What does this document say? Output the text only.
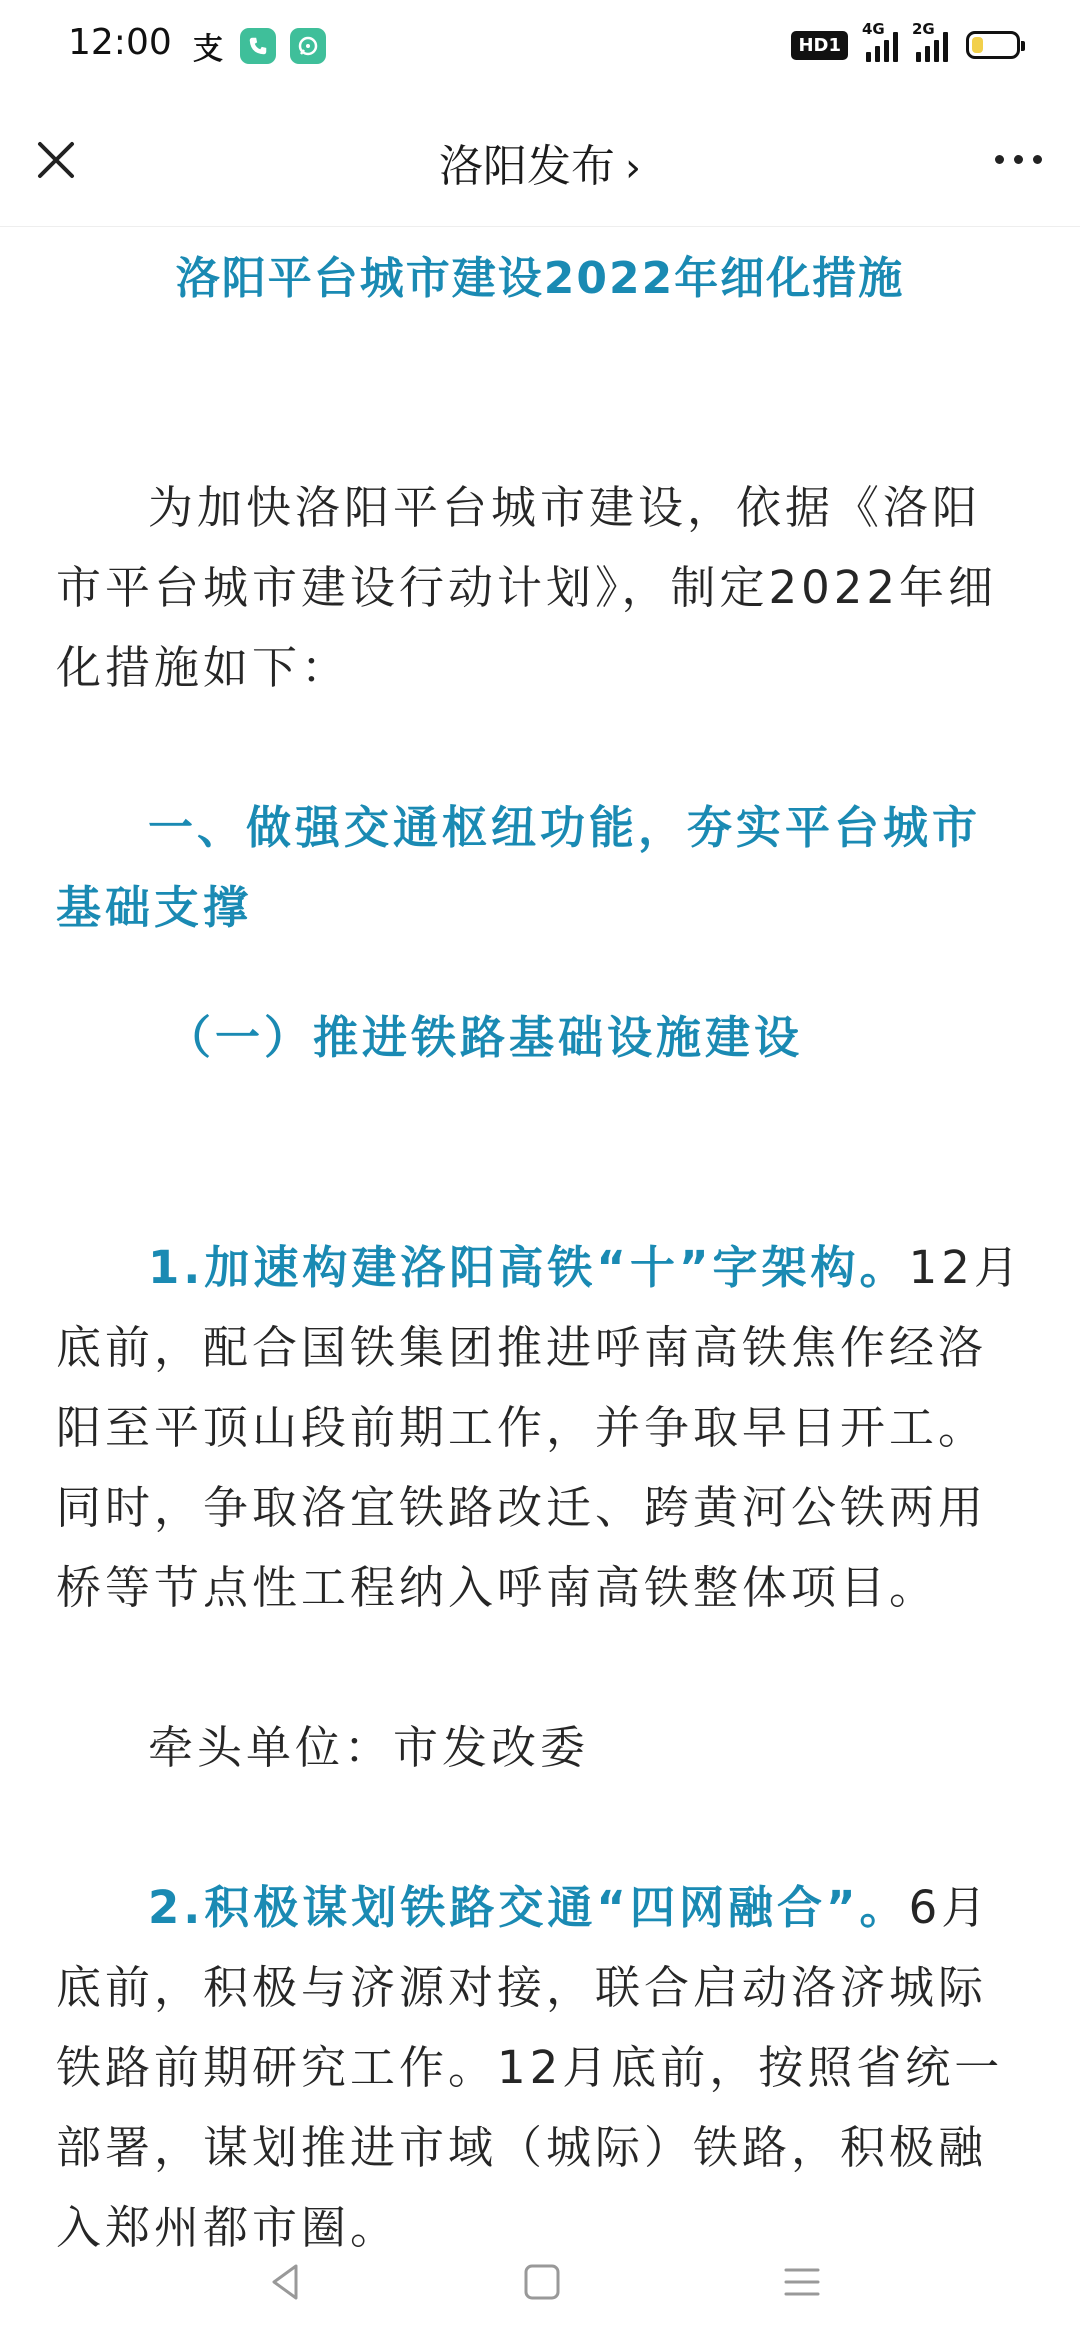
12:00 支	HD1
4G 2G
洛阳发布 ›
洛阳平台城市建设2022年细化措施
为加快洛阳平台城市建设，依据《洛阳市平台城市建设行动计划》，制定2022年细化措施如下：
一、做强交通枢纽功能，夯实平台城市基础支撑
（一）推进铁路基础设施建设
1.加速构建洛阳高铁“十”字架构。12月底前，配合国铁集团推进呼南高铁焦作经洛阳至平顶山段前期工作，并争取早日开工。同时，争取洛宜铁路改迁、跨黄河公铁两用桥等节点性工程纳入呼南高铁整体项目。
牵头单位：市发改委
2.积极谋划铁路交通“四网融合”。6月底前，积极与济源对接，联合启动洛济城际铁路前期研究工作。12月底前，按照省统一部署，谋划推进市域（城际）铁路，积极融入郑州都市圈。
